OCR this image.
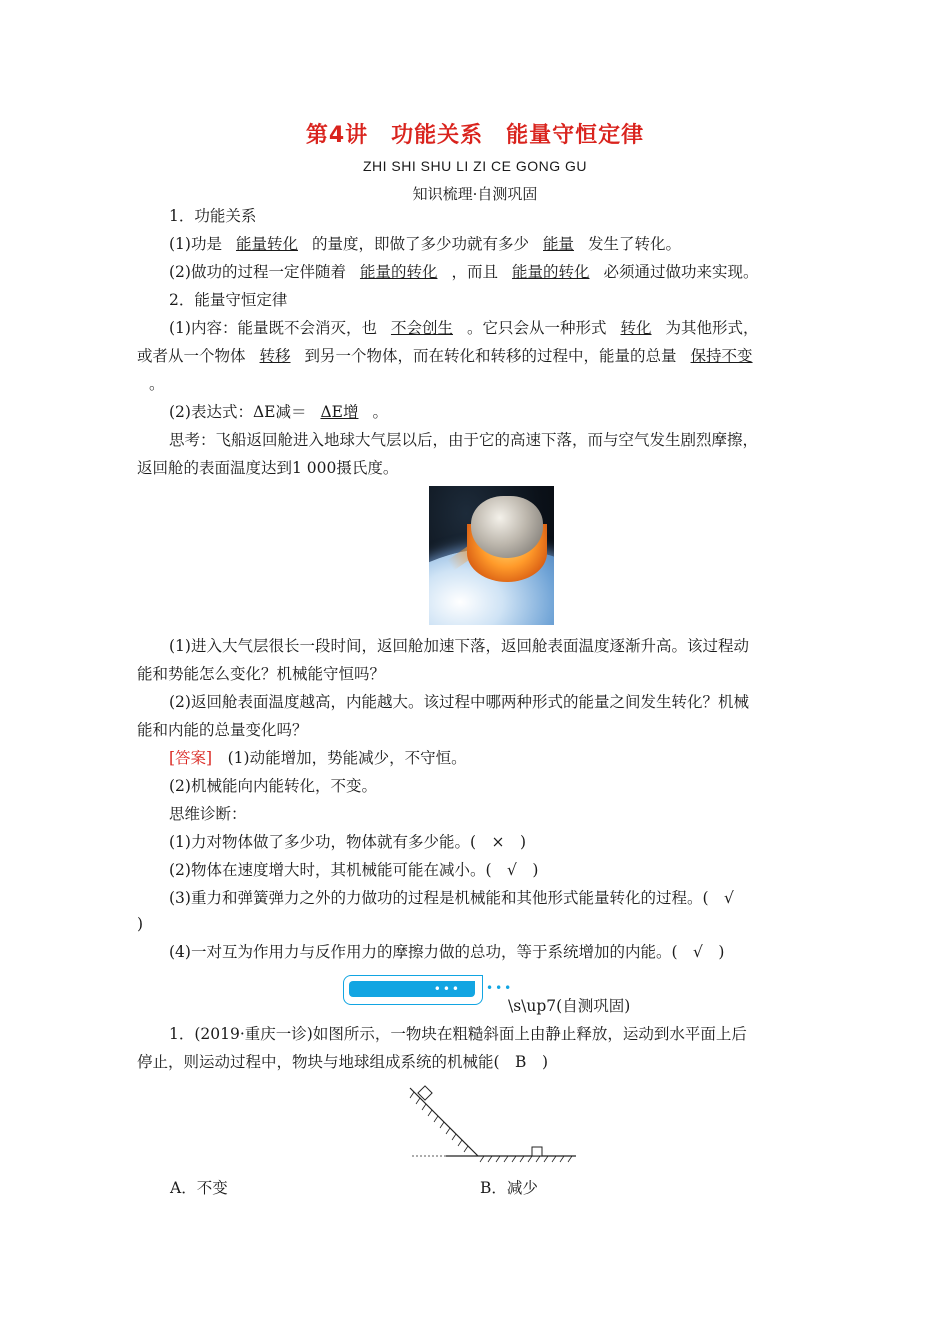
第4讲　功能关系　能量守恒定律
ZHI SHI SHU LI ZI CE GONG GU
知识梳理·自测巩固
1．功能关系
(1)功是 能量转化 的量度，即做了多少功就有多少 能量 发生了转化。
(2)做功的过程一定伴随着 能量的转化 ，而且 能量的转化 必须通过做功来实现。
2．能量守恒定律
(1)内容：能量既不会消灭，也 不会创生 。它只会从一种形式 转化 为其他形式，
或者从一个物体 转移 到另一个物体，而在转化和转移的过程中，能量的总量 保持不变
。
(2)表达式：ΔE减＝ ΔE增 。
思考：飞船返回舱进入地球大气层以后，由于它的高速下落，而与空气发生剧烈摩擦，
返回舱的表面温度达到1 000摄氏度。
(1)进入大气层很长一段时间，返回舱加速下落，返回舱表面温度逐渐升高。该过程动
能和势能怎么变化？机械能守恒吗？
(2)返回舱表面温度越高，内能越大。该过程中哪两种形式的能量之间发生转化？机械
能和内能的总量变化吗？
[答案]　(1)动能增加，势能减少，不守恒。
(2)机械能向内能转化，不变。
思维诊断：
(1)力对物体做了多少功，物体就有多少能。(　×　)
(2)物体在速度增大时，其机械能可能在减小。(　√　)
(3)重力和弹簧弹力之外的力做功的过程是机械能和其他形式能量转化的过程。(　√
)
(4)一对互为作用力与反作用力的摩擦力做的总功，等于系统增加的内能。(　√　)
••• •••
\s\up7(自测巩固)
1．(2019·重庆一诊)如图所示，一物块在粗糙斜面上由静止释放，运动到水平面上后
停止，则运动过程中，物块与地球组成系统的机械能(　B　)
A．不变	B．减少
